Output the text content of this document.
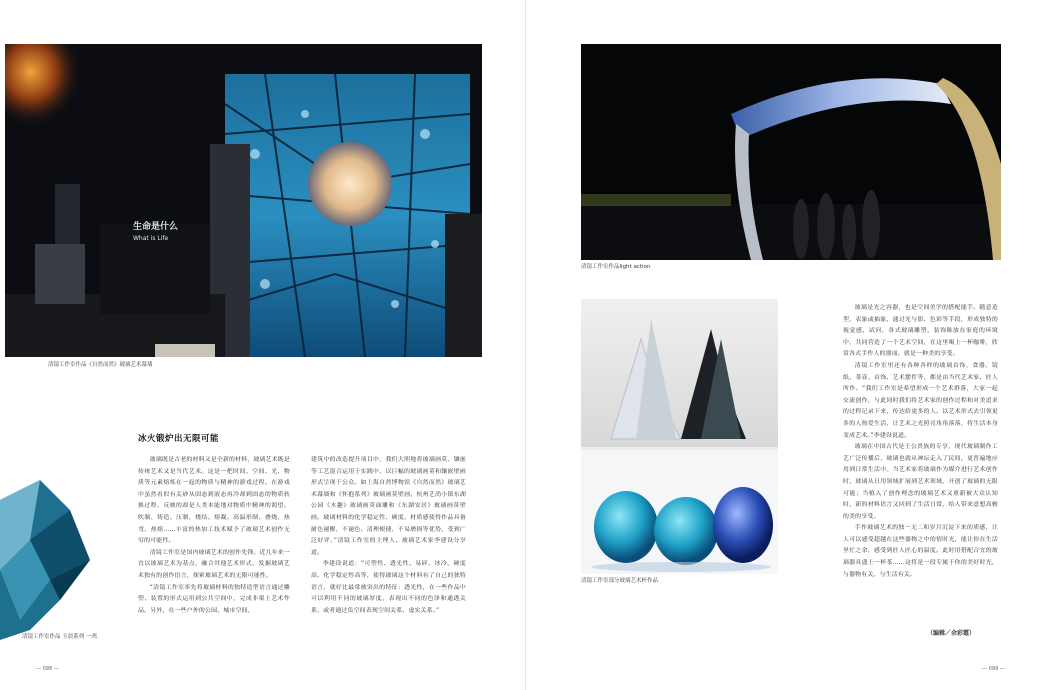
生命是什么
What is Life
清镜工作室作品《自然而然》玻璃艺术幕墙
冰火锻炉出无限可能

玻璃既是古老的材料又是全新的材料，玻璃艺术既是传统艺术又是当代艺术。这是一把时间、空间、光、物质等元素熔炼在一起的物质与精神的游戏过程。在游戏中虽然看似有关砂从固态到液态再冷却到固态的物质转换过程，反映的却是人类本能地对物质中精神的渴望。吹制、铸造、压制、烧结、熔凝、高温形制、叠烧、热弯、热熔……丰富的热加工技术赋予了玻璃艺术创作无穷的可能性。

清镜工作室是国内玻璃艺术的创作先锋。近几年来一直以玻璃艺术为基点，融合其他艺术形式，发掘玻璃艺术独有的创作语言，探索玻璃艺术的无限可能性。

“清镜工作室率先将玻璃材料的独特造型语言通过雕塑、装置的形式运用到公共空间中，完成非架上艺术作品。另外，在一些户外的公园、城市空间、

建筑中的改造提升项目中，我们大胆地将玻璃画莫、镶嵌等工艺混合运用于实践中，以巨幅的玻璃画莫和镶嵌壁画形式呈现于公众。如上海自然博物馆《自然而然》玻璃艺术幕墙和《怀抱系列》玻璃画莫壁画、杭州艺尚小镇东湖公园《水趣》玻璃画莫面雕和《东湖安居》玻璃画莫壁画。玻璃材料的化学稳定性、硬度、材质感使得作品具备耐色褪醒，不褪色、清理便捷、不易磨损等优势，受到广泛好评。”清镜工作室的主理人、玻璃艺术家李建设分享道。

李建设说道：“可塑性、透光性、易碎、冰冷、硬度高、化学稳定性高等，使得玻璃这个材料有了自己的独特语言，就好比最常被突出的特征：透光性，在一些作品中可以利用不同的玻璃厚度，表现出不同的色泽和通透关系，或者通过负空间表现空间关系、虚实关系。”

清镜工作室作品 玉晨系列 一鸡
— 098 —
清镜工作室作品light action
清镜工作室部分玻璃艺术杯作品

玻璃是光之容器，也是空间美学的搭配能手。随意造型，表象或抽象，通过光与影、色彩等手段，形成独特的视觉感，试问，各式玻璃雕塑，装饰陈放在家庭的环境中，共同营造了一个艺术空间，在这里喝上一杯咖啡，欣赏各式手作人的器皿，就是一种美的享受。

清镜工作室里还有各种各样的玻璃首饰、食器、镜纸、茶壶、首饰、艺术摆件等，都是由当代艺术家、匠人所作。“我们工作室是希望形成一个艺术群落，大家一起交流创作，与此同时我们将艺术家的创作过程和对美追求的过程记录下来，传达给更多的人。以艺术形式去引领更多的人热爱生活，让艺术之光照亮角角落落，将生活本身变成艺术。”李建设说道。

玻璃在中国古代是王公贵族的专享，现代玻璃制作工艺广泛传播后，玻璃也就从神坛走入了民间，更普遍地应用到日常生活中。当艺术家将玻璃作为媒介进行艺术创作时，玻璃从日用领域扩展到艺术领域，开创了玻璃的无限可能；当植入了创作理念的玻璃艺术又重新被大众认知时，新的材料语言又回到了生活日常，给人带来意想高雅的美的享受。

手作玻璃艺术的独一无二和岁月沉淀下来的质感，让人可以感受超越在这些器物之中的情时光，能让你在生活里忙之余，感受到匠人匠心的温度。此时用搭配合宜的玻璃器具盛上一杯茶……这将是一段专属于你的美好时光，与器物有关，与生活有关。

（编辑／余彩霞）
— 099 —
